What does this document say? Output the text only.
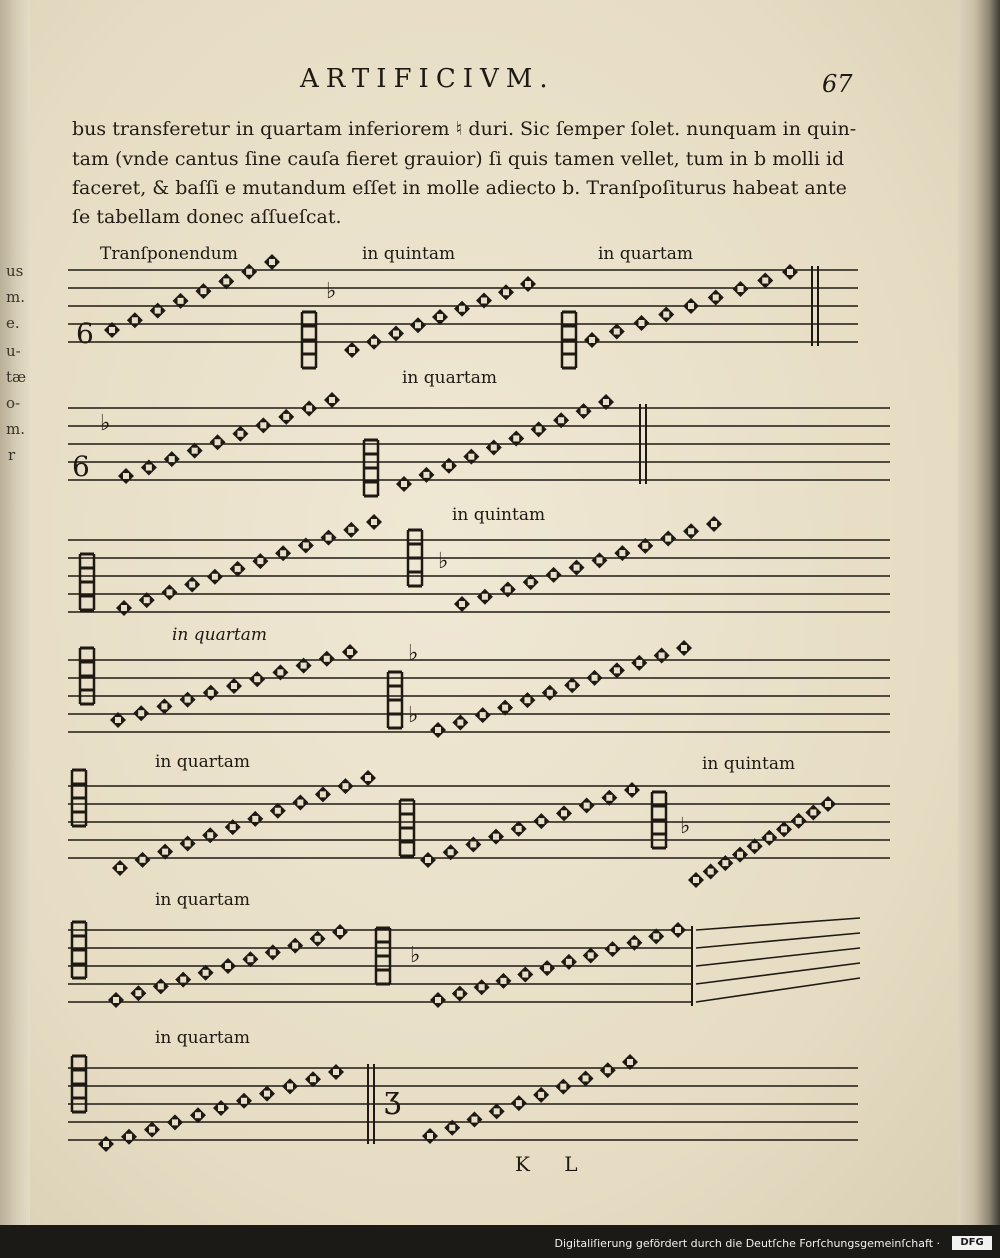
us
m.
e.
u-
tæ
o-
m.
r
ARTIFICIVM.	67
bus transferetur in quartam inferiorem ♮ duri. Sic ſemper ſolet. nunquam in quin-
tam (vnde cantus ſine cauſa fieret grauior) ſi quis tamen vellet, tum in b molli id
faceret, & baſſi e mutandum eſſet in molle adiecto b. Tranſpoſiturus habeat ante
ſe tabellam donec aſſueſcat.
6
♭
6
♭
♭
♭
♭
♭
♭
ʒ
Tranſponendum	in quintam	in quartam
in quartam
in quintam
in quartam
in quartam	in quintam
in quartam
in quartam
K L
Digitaliſierung gefördert durch die Deutſche Forſchungsgemeinſchaft ·	DFG
